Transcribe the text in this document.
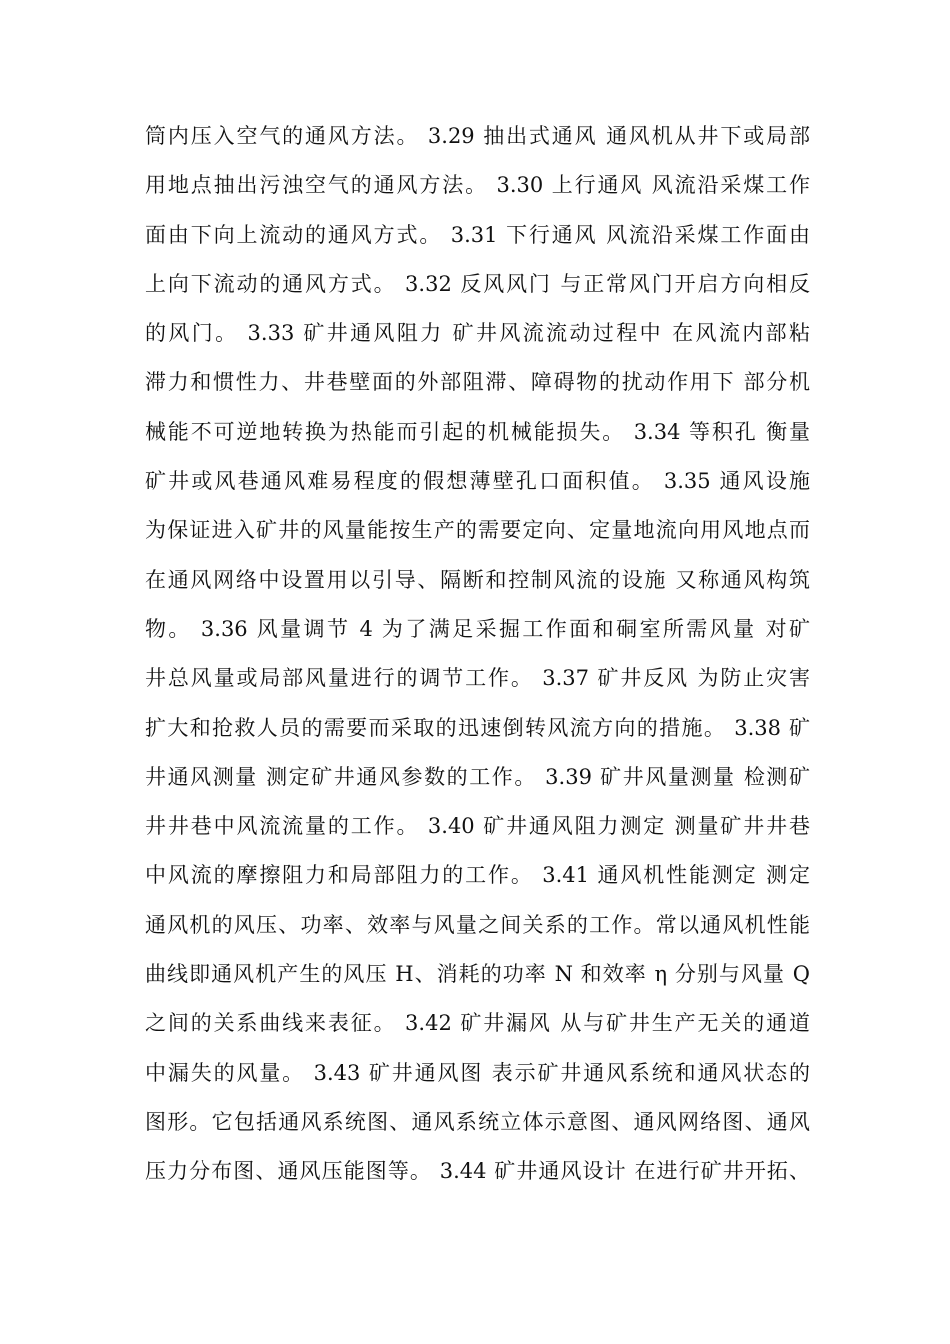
筒内压入空气的通风方法。 3.29 抽出式通风 通风机从井下或局部
用地点抽出污浊空气的通风方法。 3.30 上行通风 风流沿采煤工作
面由下向上流动的通风方式。 3.31 下行通风 风流沿采煤工作面由
上向下流动的通风方式。 3.32 反风风门 与正常风门开启方向相反
的风门。 3.33 矿井通风阻力 矿井风流流动过程中 在风流内部粘
滞力和惯性力、井巷壁面的外部阻滞、障碍物的扰动作用下 部分机
械能不可逆地转换为热能而引起的机械能损失。 3.34 等积孔 衡量
矿井或风巷通风难易程度的假想薄壁孔口面积值。 3.35 通风设施
为保证进入矿井的风量能按生产的需要定向、定量地流向用风地点而
在通风网络中设置用以引导、隔断和控制风流的设施 又称通风构筑
物。 3.36 风量调节 4 为了满足采掘工作面和硐室所需风量 对矿
井总风量或局部风量进行的调节工作。 3.37 矿井反风 为防止灾害
扩大和抢救人员的需要而采取的迅速倒转风流方向的措施。 3.38 矿
井通风测量 测定矿井通风参数的工作。 3.39 矿井风量测量 检测矿
井井巷中风流流量的工作。 3.40 矿井通风阻力测定 测量矿井井巷
中风流的摩擦阻力和局部阻力的工作。 3.41 通风机性能测定 测定
通风机的风压、功率、效率与风量之间关系的工作。常以通风机性能
曲线即通风机产生的风压 H、消耗的功率 N 和效率 η 分别与风量 Q
之间的关系曲线来表征。 3.42 矿井漏风 从与矿井生产无关的通道
中漏失的风量。 3.43 矿井通风图 表示矿井通风系统和通风状态的
图形。它包括通风系统图、通风系统立体示意图、通风网络图、通风
压力分布图、通风压能图等。 3.44 矿井通风设计 在进行矿井开拓、
